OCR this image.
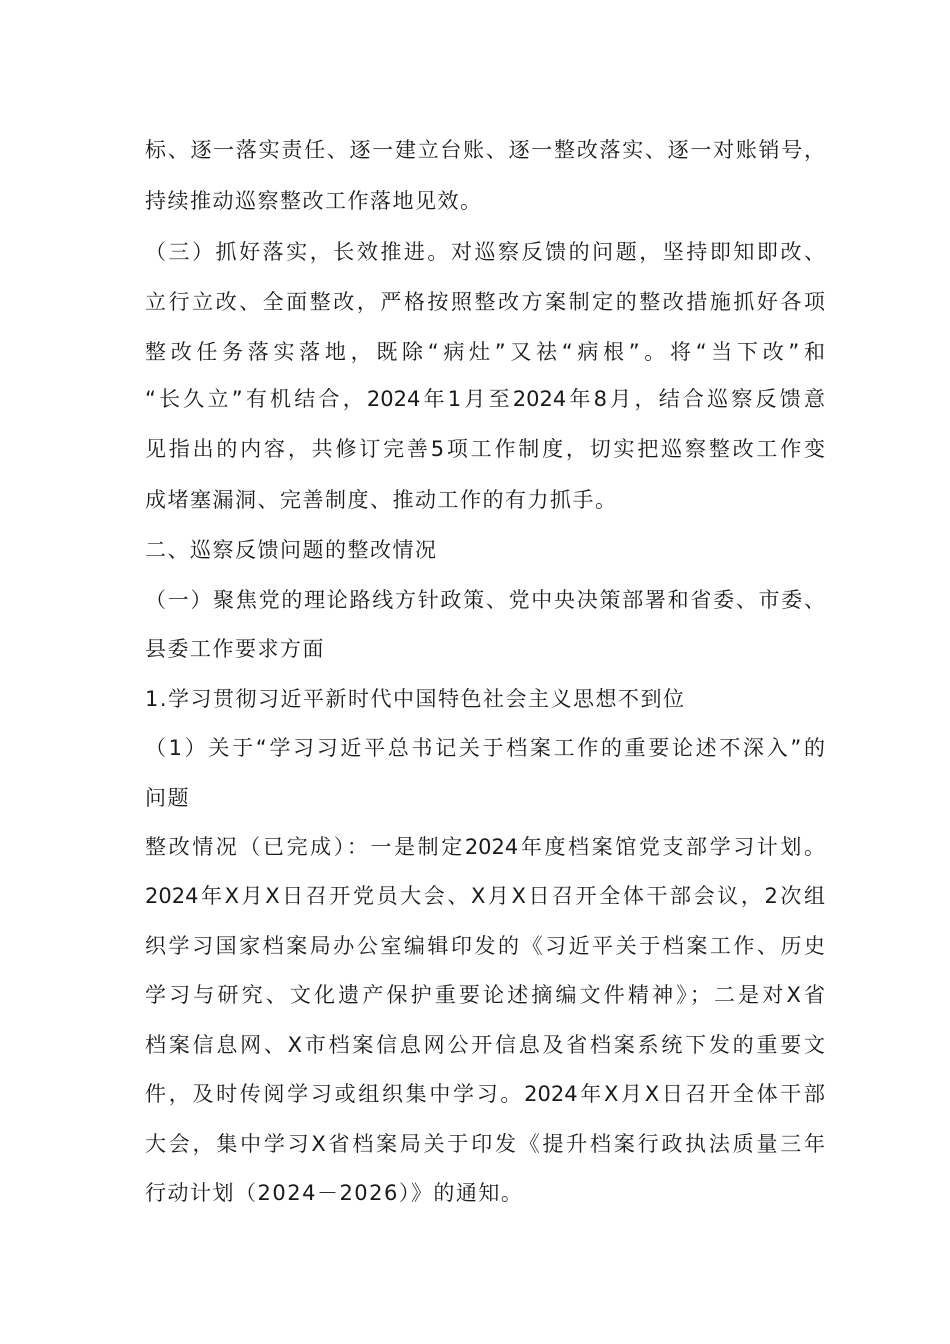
标、逐一落实责任、逐一建立台账、逐一整改落实、逐一对账销号，
持续推动巡察整改工作落地见效。
（三）抓好落实，长效推进。对巡察反馈的问题，坚持即知即改、
立行立改、全面整改，严格按照整改方案制定的整改措施抓好各项
整改任务落实落地，既除“病灶”又祛“病根”。将“当下改”和
“长久立”有机结合，2024年1月至2024年8月，结合巡察反馈意
见指出的内容，共修订完善5项工作制度，切实把巡察整改工作变
成堵塞漏洞、完善制度、推动工作的有力抓手。
二、巡察反馈问题的整改情况
（一）聚焦党的理论路线方针政策、党中央决策部署和省委、市委、
县委工作要求方面
1.学习贯彻习近平新时代中国特色社会主义思想不到位
（1）关于“学习习近平总书记关于档案工作的重要论述不深入”的
问题
整改情况（已完成）：一是制定2024年度档案馆党支部学习计划。
2024年X月X日召开党员大会、X月X日召开全体干部会议，2次组
织学习国家档案局办公室编辑印发的《习近平关于档案工作、历史
学习与研究、文化遗产保护重要论述摘编文件精神》；二是对X省
档案信息网、X市档案信息网公开信息及省档案系统下发的重要文
件，及时传阅学习或组织集中学习。2024年X月X日召开全体干部
大会，集中学习X省档案局关于印发《提升档案行政执法质量三年
行动计划（2024－2026）》的通知。
